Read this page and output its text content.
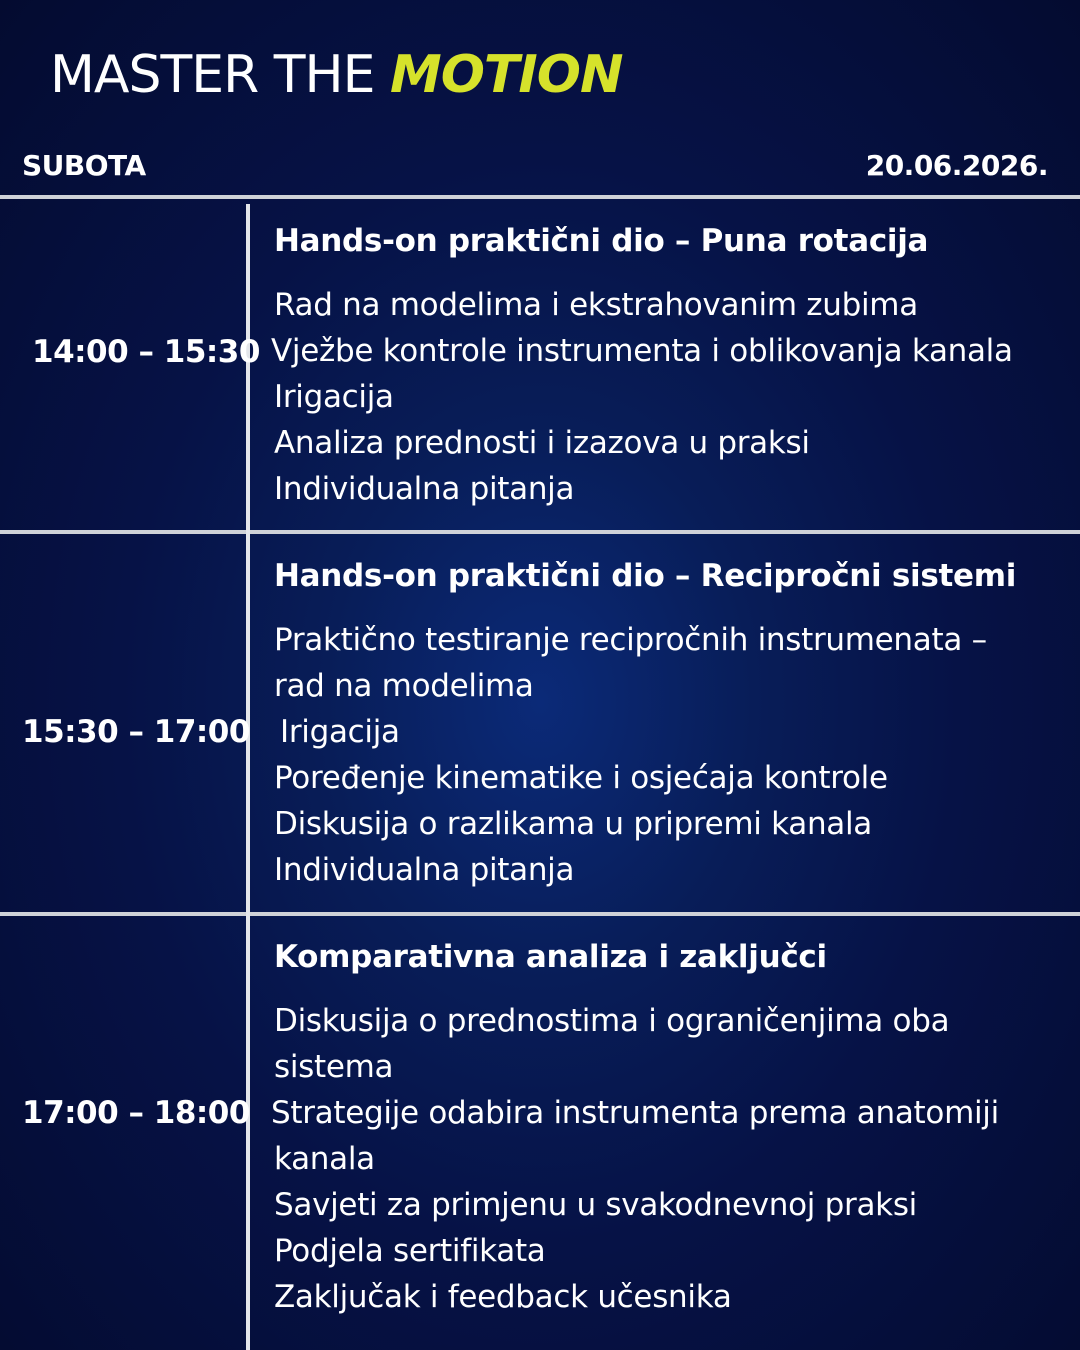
MASTER THE MOTION
SUBOTA	20.06.2026.
14:00 – 15:30
Hands-on praktični dio – Puna rotacija
Rad na modelima i ekstrahovanim zubima
Vježbe kontrole instrumenta i oblikovanja kanala
Irigacija
Analiza prednosti i izazova u praksi
Individualna pitanja
15:30 – 17:00
Hands-on praktični dio – Recipročni sistemi
Praktično testiranje recipročnih instrumenata –
rad na modelima
Irigacija
Poređenje kinematike i osjećaja kontrole
Diskusija o razlikama u pripremi kanala
Individualna pitanja
17:00 – 18:00
Komparativna analiza i zaključci
Diskusija o prednostima i ograničenjima oba
sistema
Strategije odabira instrumenta prema anatomiji
kanala
Savjeti za primjenu u svakodnevnoj praksi
Podjela sertifikata
Zaključak i feedback učesnika
